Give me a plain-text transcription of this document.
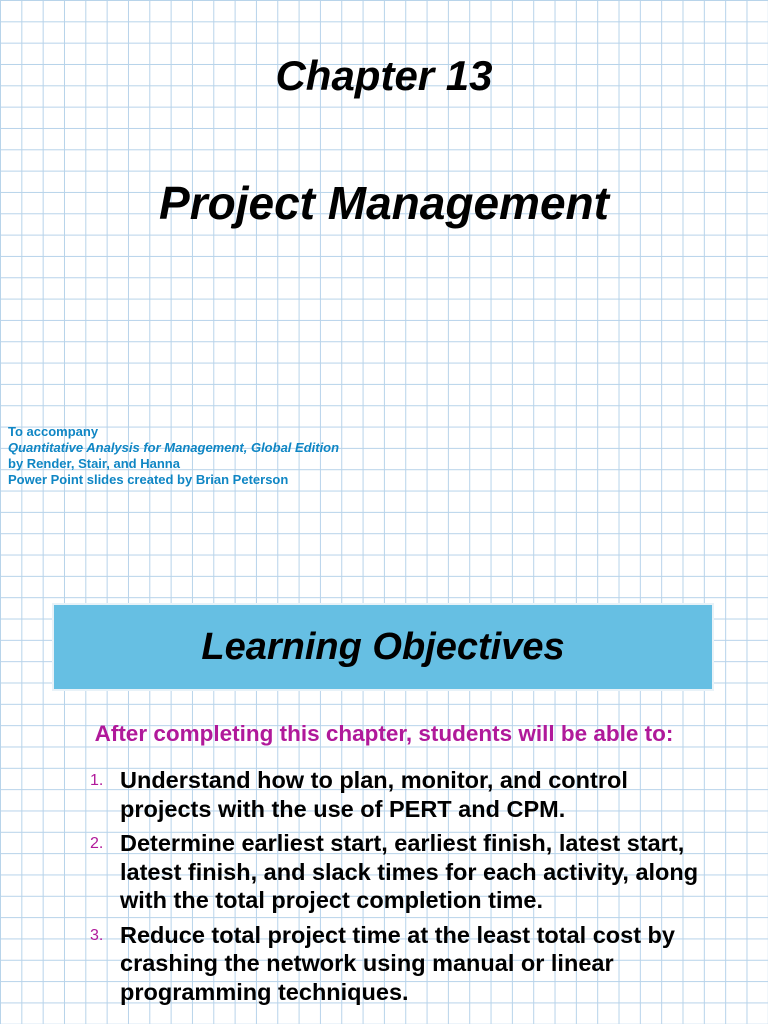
Chapter 13
Project Management
To accompany
Quantitative Analysis for Management, Global Edition
by Render, Stair, and Hanna
Power Point slides created by Brian Peterson
Learning Objectives
After completing this chapter, students will be able to:
1. Understand how to plan, monitor, and control projects with the use of PERT and CPM.
2. Determine earliest start, earliest finish, latest start, latest finish, and slack times for each activity, along with the total project completion time.
3. Reduce total project time at the least total cost by crashing the network using manual or linear programming techniques.
